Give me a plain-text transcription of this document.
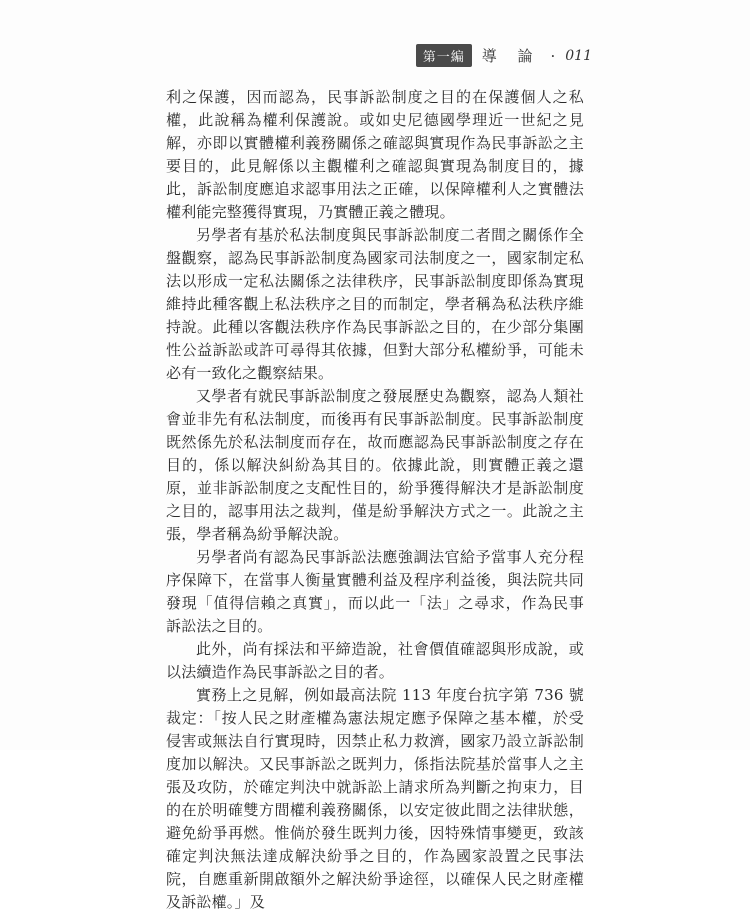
第一編	導 論 · 011

利之保護，因而認為，民事訴訟制度之目的在保護個人之私權，此說稱為權利保護說。或如史尼德國學理近一世紀之見解，亦即以實體權利義務關係之確認與實現作為民事訴訟之主要目的，此見解係以主觀權利之確認與實現為制度目的，據此，訴訟制度應追求認事用法之正確，以保障權利人之實體法權利能完整獲得實現，乃實體正義之體現。

另學者有基於私法制度與民事訴訟制度二者間之關係作全盤觀察，認為民事訴訟制度為國家司法制度之一，國家制定私法以形成一定私法關係之法律秩序，民事訴訟制度即係為實現維持此種客觀上私法秩序之目的而制定，學者稱為私法秩序維持說。此種以客觀法秩序作為民事訴訟之目的，在少部分集團性公益訴訟或許可尋得其依據，但對大部分私權紛爭，可能未必有一致化之觀察結果。

又學者有就民事訴訟制度之發展歷史為觀察，認為人類社會並非先有私法制度，而後再有民事訴訟制度。民事訴訟制度既然係先於私法制度而存在，故而應認為民事訴訟制度之存在目的，係以解決糾紛為其目的。依據此說，則實體正義之還原，並非訴訟制度之支配性目的，紛爭獲得解決才是訴訟制度之目的，認事用法之裁判，僅是紛爭解決方式之一。此說之主張，學者稱為紛爭解決說。

另學者尚有認為民事訴訟法應強調法官給予當事人充分程序保障下，在當事人衡量實體利益及程序利益後，與法院共同發現「值得信賴之真實」，而以此一「法」之尋求，作為民事訴訟法之目的。

此外，尚有採法和平締造說，社會價值確認與形成說，或以法續造作為民事訴訟之目的者。

實務上之見解，例如最高法院 113 年度台抗字第 736 號裁定：「按人民之財產權為憲法規定應予保障之基本權，於受侵害或無法自行實現時，因禁止私力救濟，國家乃設立訴訟制度加以解決。又民事訴訟之既判力，係指法院基於當事人之主張及攻防，於確定判決中就訴訟上請求所為判斷之拘束力，目的在於明確雙方間權利義務關係，以安定彼此間之法律狀態，避免紛爭再燃。惟倘於發生既判力後，因特殊情事變更，致該確定判決無法達成解決紛爭之目的，作為國家設置之民事法院，自應重新開啟額外之解決紛爭途徑，以確保人民之財產權及訴訟權。」及
